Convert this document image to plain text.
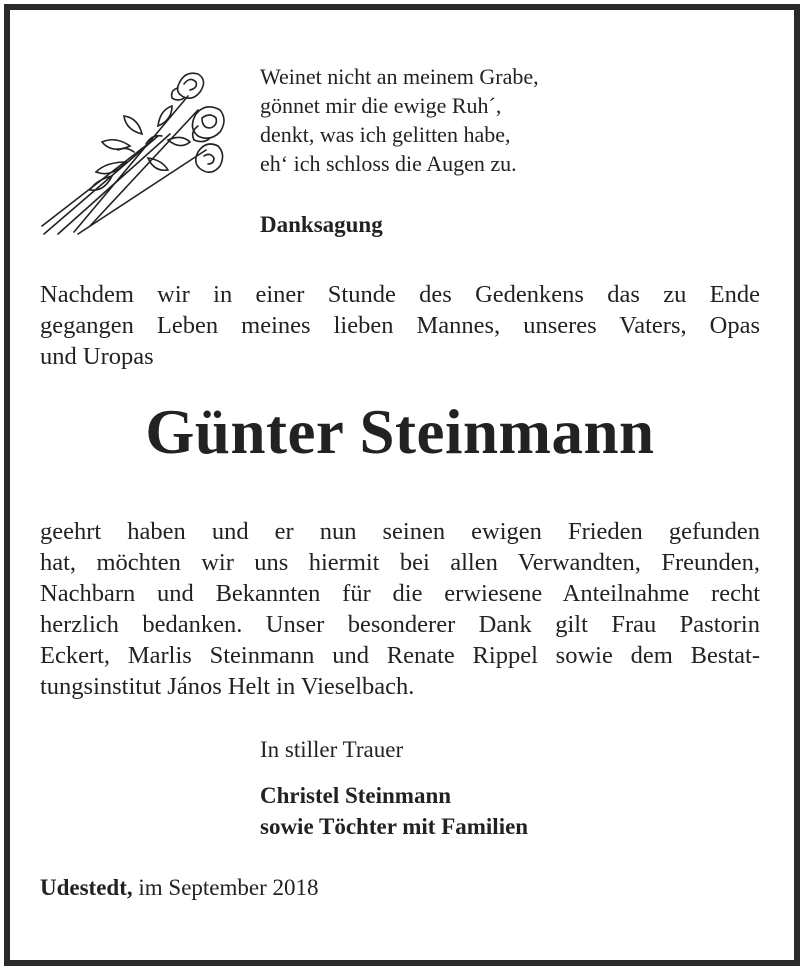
Weinet nicht an meinem Grabe,
gönnet mir die ewige Ruh´,
denkt, was ich gelitten habe,
eh‘ ich schloss die Augen zu.
Danksagung
Nachdem wir in einer Stunde des Gedenkens das zu Ende
gegangen Leben meines lieben Mannes, unseres Vaters, Opas
und Uropas
Günter Steinmann
geehrt haben und er nun seinen ewigen Frieden gefunden
hat, möchten wir uns hiermit bei allen Verwandten, Freunden,
Nachbarn und Bekannten für die erwiesene Anteilnahme recht
herzlich bedanken. Unser besonderer Dank gilt Frau Pastorin
Eckert, Marlis Steinmann und Renate Rippel sowie dem Bestat-
tungsinstitut János Helt in Vieselbach.
In stiller Trauer
Christel Steinmann
sowie Töchter mit Familien
Udestedt, im September 2018
